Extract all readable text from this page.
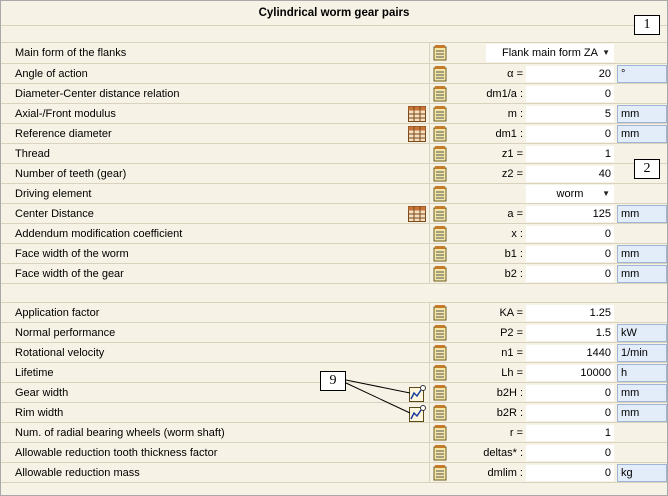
Cylindrical worm gear pairs
Main form of the flanks	Flank main form ZA ▼
Angle of action	α =	20 °
Diameter-Center distance relation	dm1/a :	0
Axial-/Front modulus	m :	5 mm
Reference diameter	dm1 :	0 mm
Thread	z1 =	1
Number of teeth (gear)	z2 =	40
Driving element	worm ▼
Center Distance	a =	125 mm
Addendum modification coefficient	x :	0
Face width of the worm	b1 :	0 mm
Face width of the gear	b2 :	0 mm
Application factor	KA =	1.25
Normal performance	P2 =	1.5 kW
Rotational velocity	n1 =	1440 1/min
Lifetime	Lh =	10000 h
Gear width	b2H :	0 mm
Rim width	b2R :	0 mm
Num. of radial bearing wheels (worm shaft)	r =	1
Allowable reduction tooth thickness factor	deltas* :	0
Allowable reduction mass	dmlim :	0 kg
1
2
9
